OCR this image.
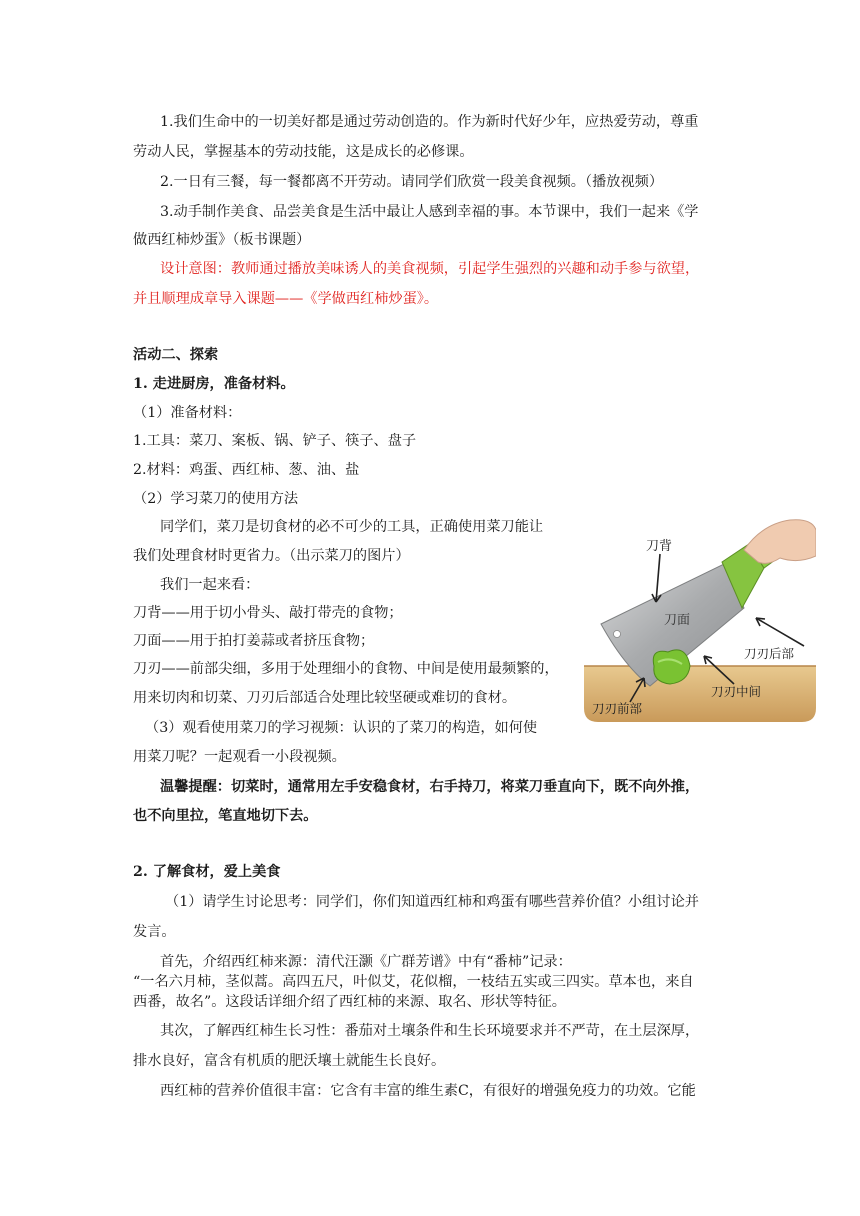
1.我们生命中的一切美好都是通过劳动创造的。作为新时代好少年，应热爱劳动，尊重
劳动人民，掌握基本的劳动技能，这是成长的必修课。
2.一日有三餐，每一餐都离不开劳动。请同学们欣赏一段美食视频。（播放视频）
3.动手制作美食、品尝美食是生活中最让人感到幸福的事。本节课中，我们一起来《学
做西红柿炒蛋》（板书课题）
设计意图：教师通过播放美味诱人的美食视频，引起学生强烈的兴趣和动手参与欲望，
并且顺理成章导入课题——《学做西红柿炒蛋》。
活动二、探索
1. 走进厨房，准备材料。
（1）准备材料：
1.工具：菜刀、案板、锅、铲子、筷子、盘子
2.材料：鸡蛋、西红柿、葱、油、盐
（2）学习菜刀的使用方法
同学们，菜刀是切食材的必不可少的工具，正确使用菜刀能让
我们处理食材时更省力。（出示菜刀的图片）
我们一起来看：
刀背——用于切小骨头、敲打带壳的食物；
刀面——用于拍打姜蒜或者挤压食物；
刀刃——前部尖细，多用于处理细小的食物、中间是使用最频繁的，
用来切肉和切菜、刀刃后部适合处理比较坚硬或难切的食材。
（3）观看使用菜刀的学习视频：认识的了菜刀的构造，如何使
用菜刀呢？一起观看一小段视频。
温馨提醒：切菜时，通常用左手安稳食材，右手持刀，将菜刀垂直向下，既不向外推，
也不向里拉，笔直地切下去。
2. 了解食材，爱上美食
（1）请学生讨论思考：同学们，你们知道西红柿和鸡蛋有哪些营养价值？小组讨论并
发言。
首先，介绍西红柿来源：清代汪灏《广群芳谱》中有“番柿”记录：
“一名六月柿，茎似蒿。高四五尺，叶似艾，花似榴，一枝结五实或三四实。草本也，来自
西番，故名”。这段话详细介绍了西红柿的来源、取名、形状等特征。
其次，了解西红柿生长习性：番茄对土壤条件和生长环境要求并不严苛，在土层深厚，
排水良好，富含有机质的肥沃壤土就能生长良好。
西红柿的营养价值很丰富：它含有丰富的维生素C，有很好的增强免疫力的功效。它能
刀背
刀面
刀刃后部
刀刃中间
刀刃前部
